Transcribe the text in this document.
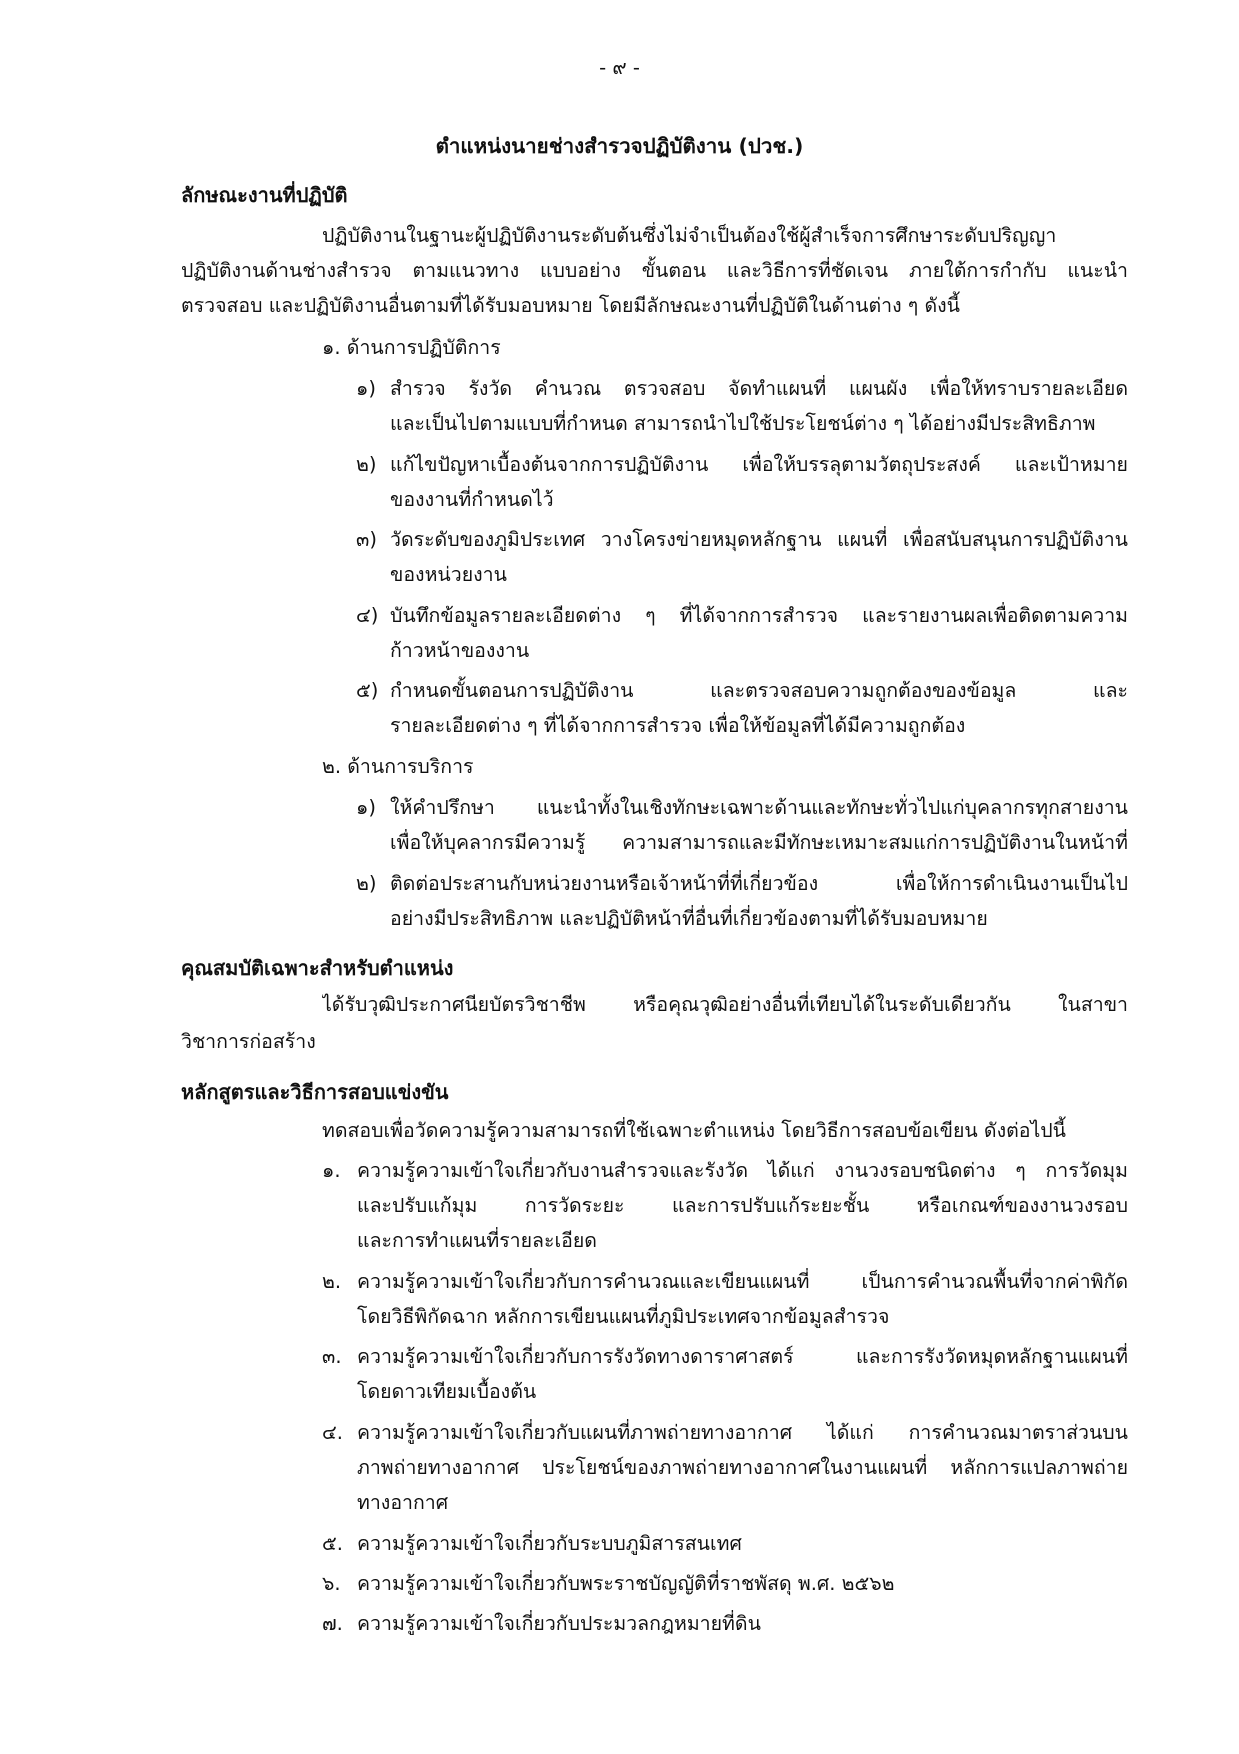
- ๙ -
ตำแหน่งนายช่างสำรวจปฏิบัติงาน (ปวช.)
ลักษณะงานที่ปฏิบัติ
ปฏิบัติงานในฐานะผู้ปฏิบัติงานระดับต้นซึ่งไม่จำเป็นต้องใช้ผู้สำเร็จการศึกษาระดับปริญญา
ปฏิบัติงานด้านช่างสำรวจ ตามแนวทาง แบบอย่าง ขั้นตอน และวิธีการที่ชัดเจน ภายใต้การกำกับ แนะนำ
ตรวจสอบ และปฏิบัติงานอื่นตามที่ได้รับมอบหมาย โดยมีลักษณะงานที่ปฏิบัติในด้านต่าง ๆ ดังนี้
๑. ด้านการปฏิบัติการ
๑) สำรวจ รังวัด คำนวณ ตรวจสอบ จัดทำแผนที่ แผนผัง เพื่อให้ทราบรายละเอียด
และเป็นไปตามแบบที่กำหนด สามารถนำไปใช้ประโยชน์ต่าง ๆ ได้อย่างมีประสิทธิภาพ
๒) แก้ไขปัญหาเบื้องต้นจากการปฏิบัติงาน เพื่อให้บรรลุตามวัตถุประสงค์ และเป้าหมาย
ของงานที่กำหนดไว้
๓) วัดระดับของภูมิประเทศ วางโครงข่ายหมุดหลักฐาน แผนที่ เพื่อสนับสนุนการปฏิบัติงาน
ของหน่วยงาน
๔) บันทึกข้อมูลรายละเอียดต่าง ๆ ที่ได้จากการสำรวจ และรายงานผลเพื่อติดตามความ
ก้าวหน้าของงาน
๕) กำหนดขั้นตอนการปฏิบัติงาน และตรวจสอบความถูกต้องของข้อมูล และ
รายละเอียดต่าง ๆ ที่ได้จากการสำรวจ เพื่อให้ข้อมูลที่ได้มีความถูกต้อง
๒. ด้านการบริการ
๑) ให้คำปรึกษา แนะนำทั้งในเชิงทักษะเฉพาะด้านและทักษะทั่วไปแก่บุคลากรทุกสายงาน
เพื่อให้บุคลากรมีความรู้ ความสามารถและมีทักษะเหมาะสมแก่การปฏิบัติงานในหน้าที่
๒) ติดต่อประสานกับหน่วยงานหรือเจ้าหน้าที่ที่เกี่ยวข้อง เพื่อให้การดำเนินงานเป็นไป
อย่างมีประสิทธิภาพ และปฏิบัติหน้าที่อื่นที่เกี่ยวข้องตามที่ได้รับมอบหมาย
คุณสมบัติเฉพาะสำหรับตำแหน่ง
ได้รับวุฒิประกาศนียบัตรวิชาชีพ หรือคุณวุฒิอย่างอื่นที่เทียบได้ในระดับเดียวกัน ในสาขา
วิชาการก่อสร้าง
หลักสูตรและวิธีการสอบแข่งขัน
ทดสอบเพื่อวัดความรู้ความสามารถที่ใช้เฉพาะตำแหน่ง โดยวิธีการสอบข้อเขียน ดังต่อไปนี้
๑. ความรู้ความเข้าใจเกี่ยวกับงานสำรวจและรังวัด ได้แก่ งานวงรอบชนิดต่าง ๆ การวัดมุม
และปรับแก้มุม การวัดระยะ และการปรับแก้ระยะชั้น หรือเกณฑ์ของงานวงรอบ
และการทำแผนที่รายละเอียด
๒. ความรู้ความเข้าใจเกี่ยวกับการคำนวณและเขียนแผนที่ เป็นการคำนวณพื้นที่จากค่าพิกัด
โดยวิธีพิกัดฉาก หลักการเขียนแผนที่ภูมิประเทศจากข้อมูลสำรวจ
๓. ความรู้ความเข้าใจเกี่ยวกับการรังวัดทางดาราศาสตร์ และการรังวัดหมุดหลักฐานแผนที่
โดยดาวเทียมเบื้องต้น
๔. ความรู้ความเข้าใจเกี่ยวกับแผนที่ภาพถ่ายทางอากาศ ได้แก่ การคำนวณมาตราส่วนบน
ภาพถ่ายทางอากาศ ประโยชน์ของภาพถ่ายทางอากาศในงานแผนที่ หลักการแปลภาพถ่าย
ทางอากาศ
๕. ความรู้ความเข้าใจเกี่ยวกับระบบภูมิสารสนเทศ
๖. ความรู้ความเข้าใจเกี่ยวกับพระราชบัญญัติที่ราชพัสดุ พ.ศ. ๒๕๖๒
๗. ความรู้ความเข้าใจเกี่ยวกับประมวลกฎหมายที่ดิน
